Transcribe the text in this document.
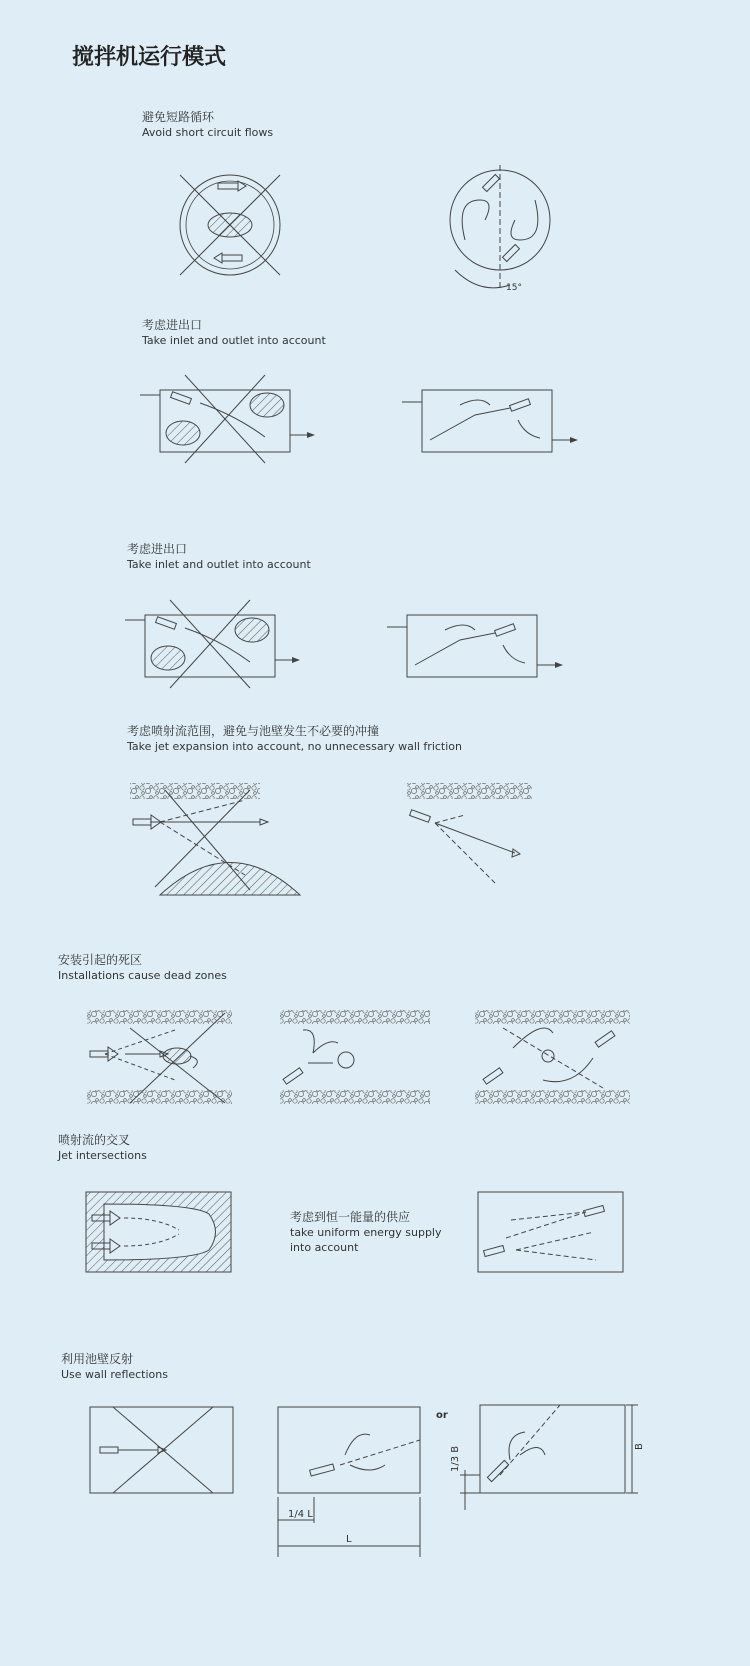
搅拌机运行模式
避免短路循环
Avoid short circuit flows
15°
考虑进出口
Take inlet and outlet into account
考虑进出口
Take inlet and outlet into account
考虑喷射流范围，避免与池壁发生不必要的冲撞
Take jet expansion into account, no unnecessary wall friction
安装引起的死区
Installations cause dead zones
喷射流的交叉
Jet intersections
考虑到恒一能量的供应
take uniform energy supply
into account
利用池壁反射
Use wall reflections
1/4 L
L
or
1/3 B	B
